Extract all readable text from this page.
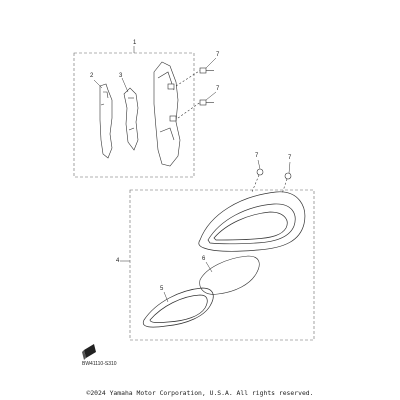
1
2	3
7
7
7	7
4	6
5
BW41110-S310
©2024 Yamaha Motor Corporation, U.S.A. All rights reserved.
